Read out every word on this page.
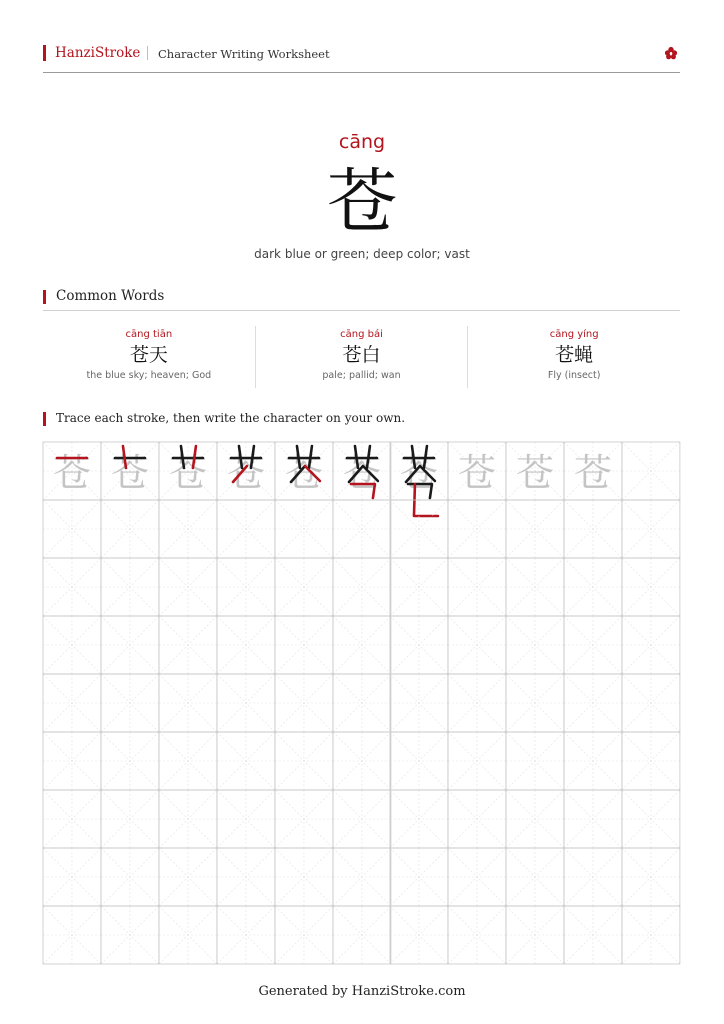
HanziStroke Character Writing Worksheet
cāng
苍
dark blue or green; deep color; vast
Common Words
cāng tiān
苍天
the blue sky; heaven; God
cāng bái
苍白
pale; pallid; wan
cāng yíng
苍蝇
Fly (insect)
Trace each stroke, then write the character on your own.
苍 苍 苍 苍 苍 苍 苍 苍 苍 苍
Generated by HanziStroke.com
